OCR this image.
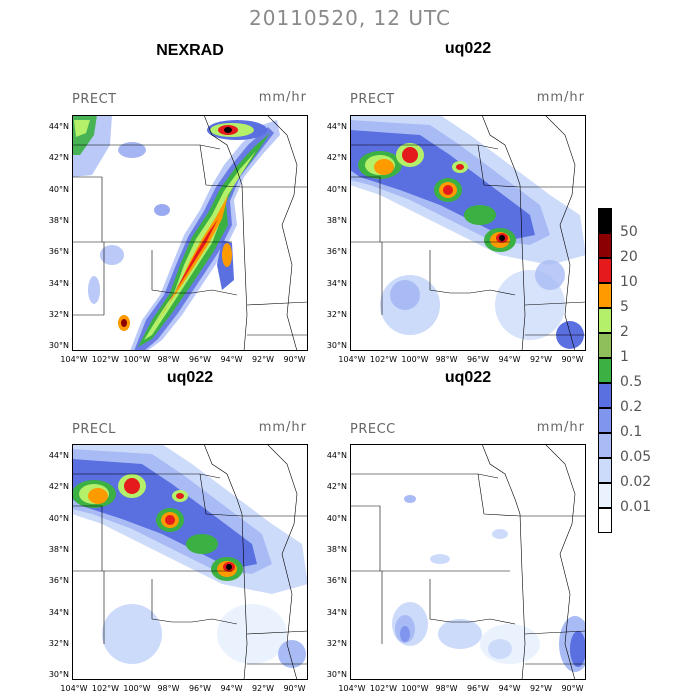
20110520, 12 UTC
NEXRAD	uq022
uq022	uq022
PRECT	mm/hr	PRECT	mm/hr
PRECL	mm/hr	PRECC	mm/hr
44°N
42°N
40°N
38°N
36°N
34°N
32°N
30°N
104°W 102°W 100°W 98°W	96°W	94°W	92°W	90°W
44°N
42°N
40°N
38°N
36°N
34°N
32°N
30°N
104°W 102°W 100°W 98°W	96°W	94°W	92°W	90°W
44°N
42°N
40°N
38°N
36°N
34°N
32°N
30°N
104°W 102°W 100°W 98°W	96°W	94°W	92°W	90°W
44°N
42°N
40°N
38°N
36°N
34°N
32°N
30°N
104°W 102°W 100°W 98°W	96°W	94°W	92°W	90°W
50
20
10
5
2
1
0.5
0.2
0.1
0.05
0.02
0.01
